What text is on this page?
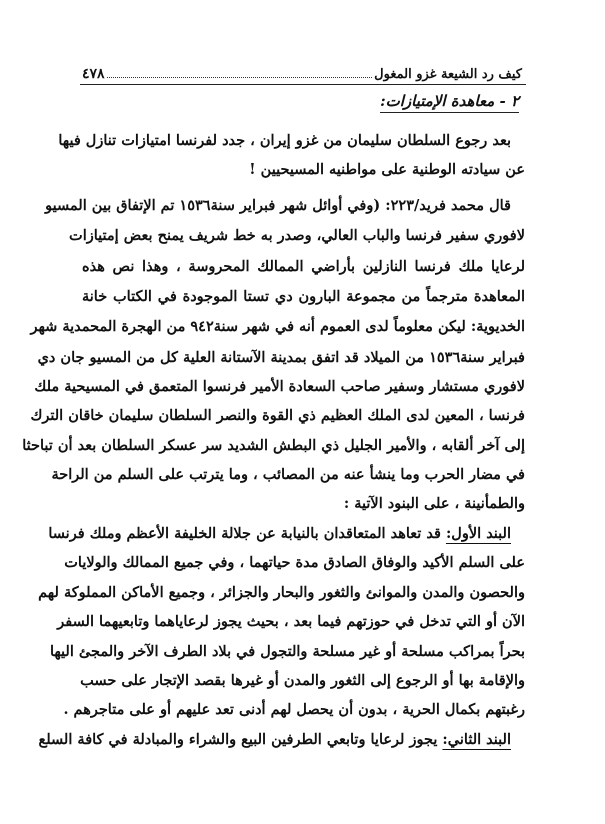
كيف رد الشيعة غزو المغول
٤٧٨
٢ - معاهدة الإمتيازات:
بعد رجوع السلطان سليمان من غزو إيران ، جدد لفرنسا امتيازات تنازل فيها
عن سيادته الوطنية على مواطنيه المسيحيين !
قال محمد فريد/٢٢٣: (وفي أوائل شهر فبراير سنة١٥٣٦ تم الإتفاق بين المسيو
لافوري سفير فرنسا والباب العالي، وصدر به خط شريف يمنح بعض إمتيازات
لرعايا ملك فرنسا النازلين بأراضي الممالك المحروسة ، وهذا نص هذه
المعاهدة مترجماً من مجموعة البارون دي تستا الموجودة في الكتاب خانة
الخديوية: ليكن معلوماً لدى العموم أنه في شهر سنة٩٤٢ من الهجرة المحمدية شهر
فبراير سنة١٥٣٦ من الميلاد قد اتفق بمدينة الآستانة العلية كل من المسيو جان دي
لافوري مستشار وسفير صاحب السعادة الأمير فرنسوا المتعمق في المسيحية ملك
فرنسا ، المعين لدى الملك العظيم ذي القوة والنصر السلطان سليمان خاقان الترك
إلى آخر ألقابه ، والأمير الجليل ذي البطش الشديد سر عسكر السلطان بعد أن تباحثا
في مضار الحرب وما ينشأ عنه من المصائب ، وما يترتب على السلم من الراحة
والطمأنينة ، على البنود الآتية :
البند الأول: قد تعاهد المتعاقدان بالنيابة عن جلالة الخليفة الأعظم وملك فرنسا
على السلم الأكيد والوفاق الصادق مدة حياتهما ، وفي جميع الممالك والولايات
والحصون والمدن والموانئ والثغور والبحار والجزائر ، وجميع الأماكن المملوكة لهم
الآن أو التي تدخل في حوزتهم فيما بعد ، بحيث يجوز لرعاياهما وتابعيهما السفر
بحراً بمراكب مسلحة أو غير مسلحة والتجول في بلاد الطرف الآخر والمجئ اليها
والإقامة بها أو الرجوع إلى الثغور والمدن أو غيرها بقصد الإتجار على حسب
رغبتهم بكمال الحرية ، بدون أن يحصل لهم أدنى تعد عليهم أو على متاجرهم .
البند الثاني: يجوز لرعايا وتابعي الطرفين البيع والشراء والمبادلة في كافة السلع
